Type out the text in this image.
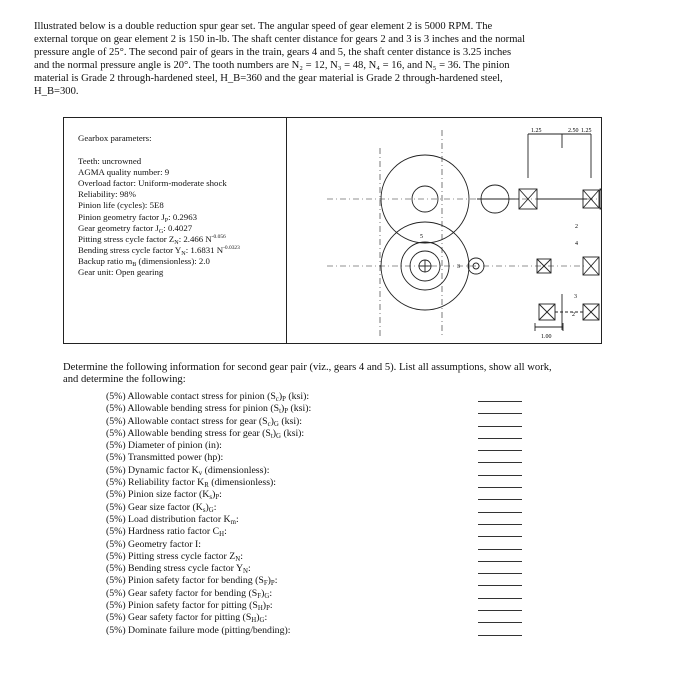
Illustrated below is a double reduction spur gear set. The angular speed of gear element 2 is 5000 RPM. The
external torque on gear element 2 is 150 in-lb. The shaft center distance for gears 2 and 3 is 3 inches and the normal
pressure angle of 25°. The second pair of gears in the train, gears 4 and 5, the shaft center distance is 3.25 inches
and the normal pressure angle is 20°. The tooth numbers are N₂ = 12, N₃ = 48, N₄ = 16, and N₅ = 36. The pinion
material is Grade 2 through-hardened steel, H_B=360 and the gear material is Grade 2 through-hardened steel,
H_B=300.
Gearbox parameters:
Teeth: uncrowned
AGMA quality number: 9
Overload factor: Uniform-moderate shock
Reliability: 98%
Pinion life (cycles): 5E8
Pinion geometry factor $J_P$: 0.2963
Gear geometry factor $J_G$: 0.4027
Pitting stress cycle factor $Z_N$: 2.466 $N^{-0.056}$
Bending stress cycle factor $Y_N$: 1.6831 $N^{-0.0323}$
Backup ratio $m_B$ (dimensionless): 2.0
Gear unit: Open gearing
1.25	2.50 1.25
1.00
5
3
4
2
2
3
Determine the following information for second gear pair (viz., gears 4 and 5). List all assumptions, show all work,
and determine the following:
(5%) Allowable contact stress for pinion $(S_c)_P$ (ksi):
(5%) Allowable bending stress for pinion $(S_t)_P$ (ksi):
(5%) Allowable contact stress for gear $(S_c)_G$ (ksi):
(5%) Allowable bending stress for gear $(S_t)_G$ (ksi):
(5%) Diameter of pinion (in):
(5%) Transmitted power (hp):
(5%) Dynamic factor $K_v$ (dimensionless):
(5%) Reliability factor $K_R$ (dimensionless):
(5%) Pinion size factor $(K_s)_P$:
(5%) Gear size factor $(K_s)_G$:
(5%) Load distribution factor $K_m$:
(5%) Hardness ratio factor $C_H$:
(5%) Geometry factor I:
(5%) Pitting stress cycle factor $Z_N$:
(5%) Bending stress cycle factor $Y_N$:
(5%) Pinion safety factor for bending $(S_F)_P$:
(5%) Gear safety factor for bending $(S_F)_G$:
(5%) Pinion safety factor for pitting $(S_H)_P$:
(5%) Gear safety factor for pitting $(S_H)_G$:
(5%) Dominate failure mode (pitting/bending):
